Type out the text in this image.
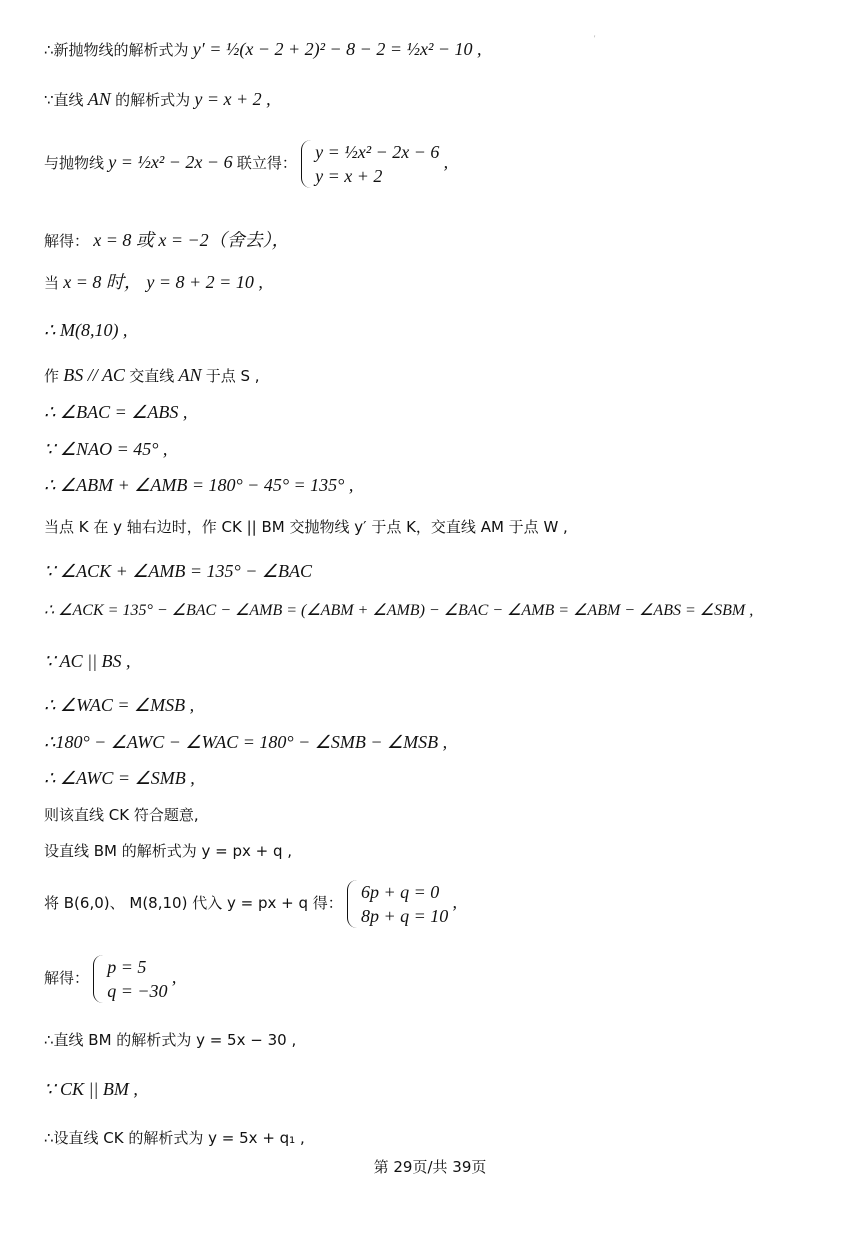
'
∴新抛物线的解析式为 y′ = ½(x − 2 + 2)² − 8 − 2 = ½x² − 10 ,
∵直线 AN 的解析式为 y = x + 2 ,
与抛物线 y = ½x² − 2x − 6 联立得：
y = ½x² − 2x − 6
y = x + 2
,
解得： x = 8 或 x = −2（舍去），
当 x = 8 时， y = 8 + 2 = 10 ,
∴ M(8,10) ,
作 BS // AC 交直线 AN 于点 S ,
∴ ∠BAC = ∠ABS ,
∵ ∠NAO = 45° ,
∴ ∠ABM + ∠AMB = 180° − 45° = 135° ,
当点 K 在 y 轴右边时，作 CK || BM 交抛物线 y′ 于点 K，交直线 AM 于点 W ,
∵ ∠ACK + ∠AMB = 135° − ∠BAC
∴ ∠ACK = 135° − ∠BAC − ∠AMB = (∠ABM + ∠AMB) − ∠BAC − ∠AMB = ∠ABM − ∠ABS = ∠SBM ,
∵ AC || BS ,
∴ ∠WAC = ∠MSB ,
∴180° − ∠AWC − ∠WAC = 180° − ∠SMB − ∠MSB ,
∴ ∠AWC = ∠SMB ,
则该直线 CK 符合题意,
设直线 BM 的解析式为 y = px + q ,
将 B(6,0)、 M(8,10) 代入 y = px + q 得：
6p + q = 0
8p + q = 10
,
解得：
p = 5
q = −30
,
∴直线 BM 的解析式为 y = 5x − 30 ,
∵ CK || BM ,
∴设直线 CK 的解析式为 y = 5x + q₁ ,
第 29页/共 39页
